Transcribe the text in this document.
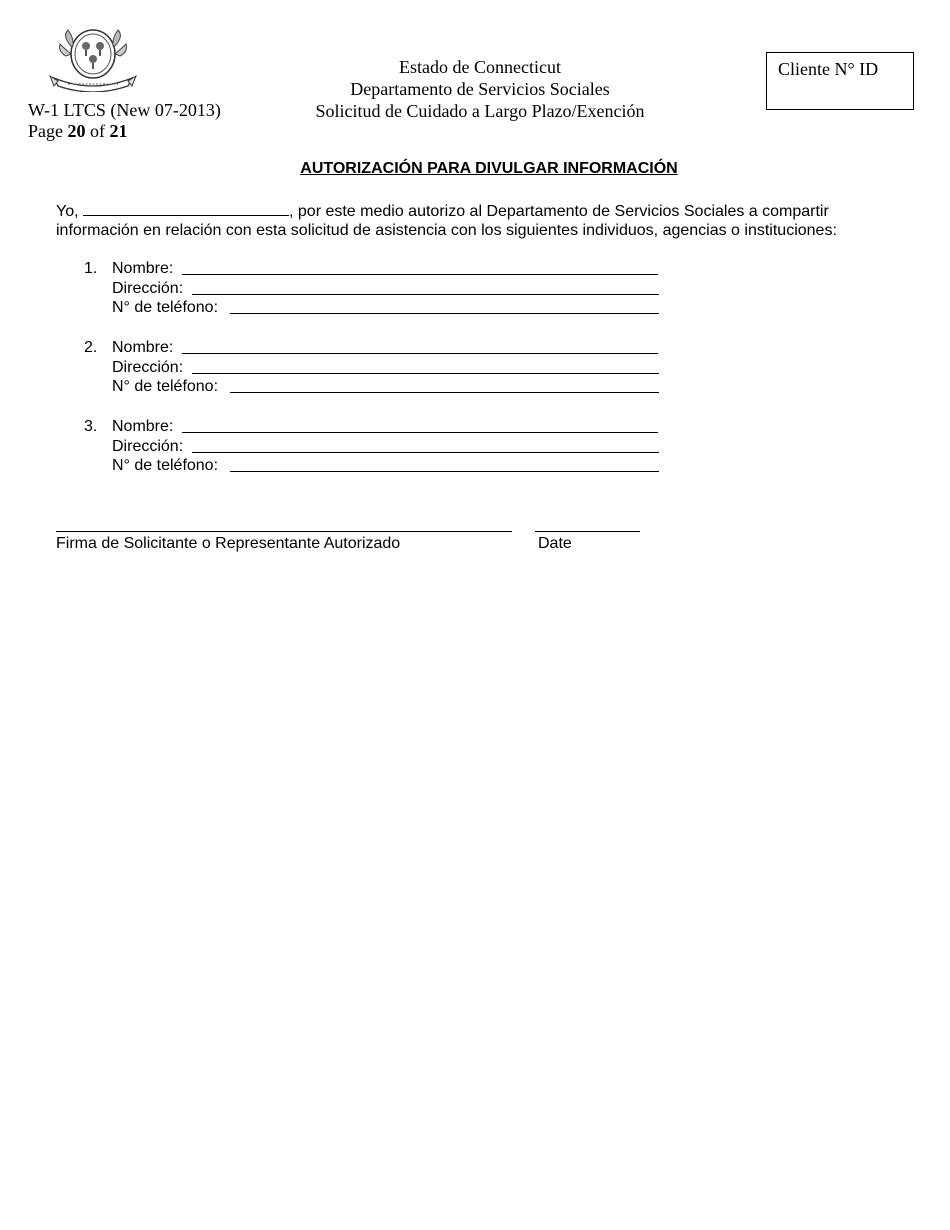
W-1 LTCS (New 07-2013)
Page 20 of 21
Estado de Connecticut
Departamento de Servicios Sociales
Solicitud de Cuidado a Largo Plazo/Exención
Cliente N° ID
AUTORIZACIÓN PARA DIVULGAR INFORMACIÓN
Yo,	, por este medio autorizo al Departamento de Servicios Sociales a compartir
información en relación con esta solicitud de asistencia con los siguientes individuos, agencias o instituciones:
1. Nombre:
Dirección:
N° de teléfono:
2. Nombre:
Dirección:
N° de teléfono:
3. Nombre:
Dirección:
N° de teléfono:
Firma de Solicitante o Representante Autorizado	Date
